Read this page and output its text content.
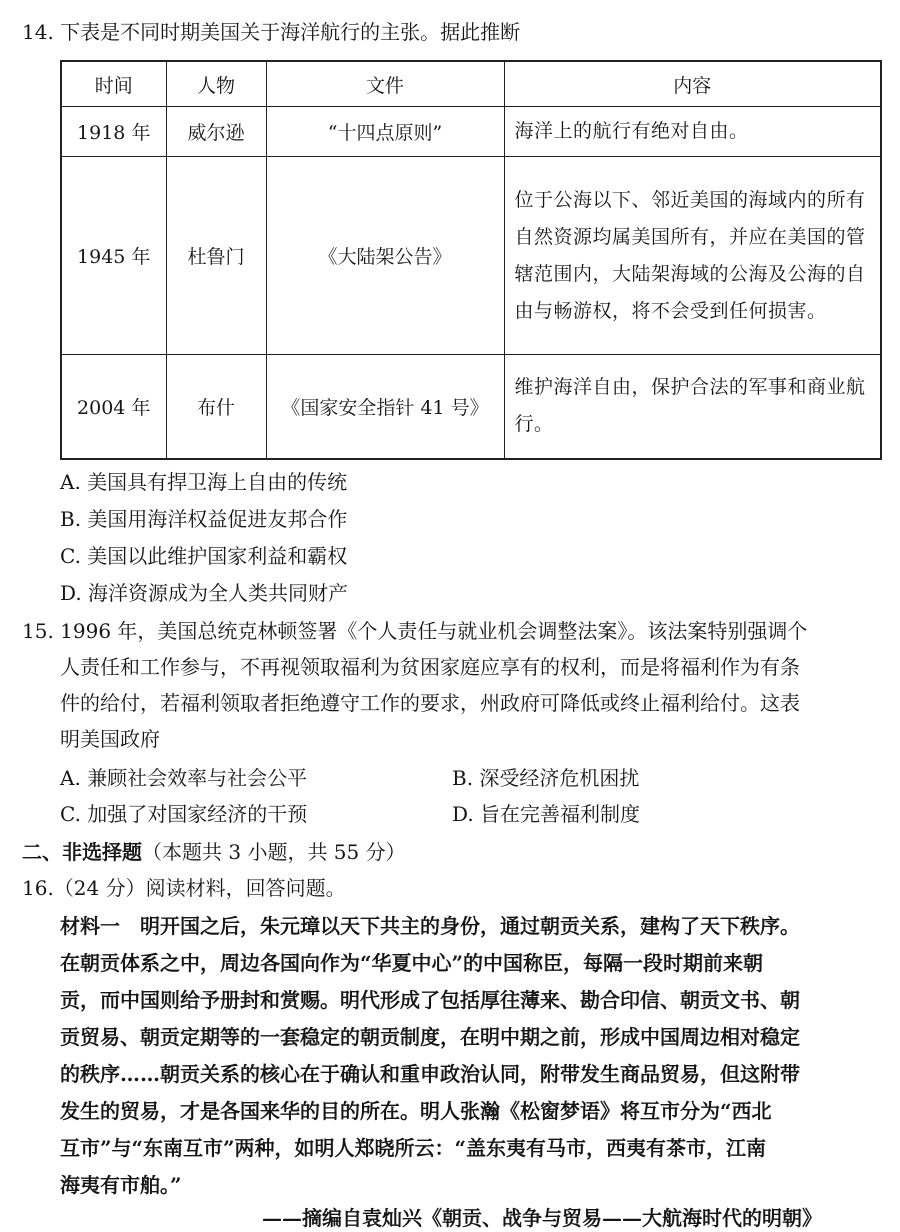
14. 下表是不同时期美国关于海洋航行的主张。据此推断
时间	人物	文件	内容
1918 年	威尔逊	“十四点原则”	海洋上的航行有绝对自由。
1945 年	杜鲁门	《大陆架公告》	位于公海以下、邻近美国的海域内的所有自然资源均属美国所有，并应在美国的管辖范围内，大陆架海域的公海及公海的自由与畅游权，将不会受到任何损害。
2004 年	布什	《国家安全指针 41 号》	维护海洋自由，保护合法的军事和商业航行。
A. 美国具有捍卫海上自由的传统
B. 美国用海洋权益促进友邦合作
C. 美国以此维护国家利益和霸权
D. 海洋资源成为全人类共同财产
15. 1996 年，美国总统克林顿签署《个人责任与就业机会调整法案》。该法案特别强调个
人责任和工作参与，不再视领取福利为贫困家庭应享有的权利，而是将福利作为有条
件的给付，若福利领取者拒绝遵守工作的要求，州政府可降低或终止福利给付。这表
明美国政府
A. 兼顾社会效率与社会公平	B. 深受经济危机困扰
C. 加强了对国家经济的干预	D. 旨在完善福利制度
二、非选择题（本题共 3 小题，共 55 分）
16.（24 分）阅读材料，回答问题。
材料一　明开国之后，朱元璋以天下共主的身份，通过朝贡关系，建构了天下秩序。
在朝贡体系之中，周边各国向作为“华夏中心”的中国称臣，每隔一段时期前来朝
贡，而中国则给予册封和赏赐。明代形成了包括厚往薄来、勘合印信、朝贡文书、朝
贡贸易、朝贡定期等的一套稳定的朝贡制度，在明中期之前，形成中国周边相对稳定
的秩序……朝贡关系的核心在于确认和重申政治认同，附带发生商品贸易，但这附带
发生的贸易，才是各国来华的目的所在。明人张瀚《松窗梦语》将互市分为“西北
互市”与“东南互市”两种，如明人郑晓所云：“盖东夷有马市，西夷有茶市，江南
海夷有市舶。”
——摘编自袁灿兴《朝贡、战争与贸易——大航海时代的明朝》
